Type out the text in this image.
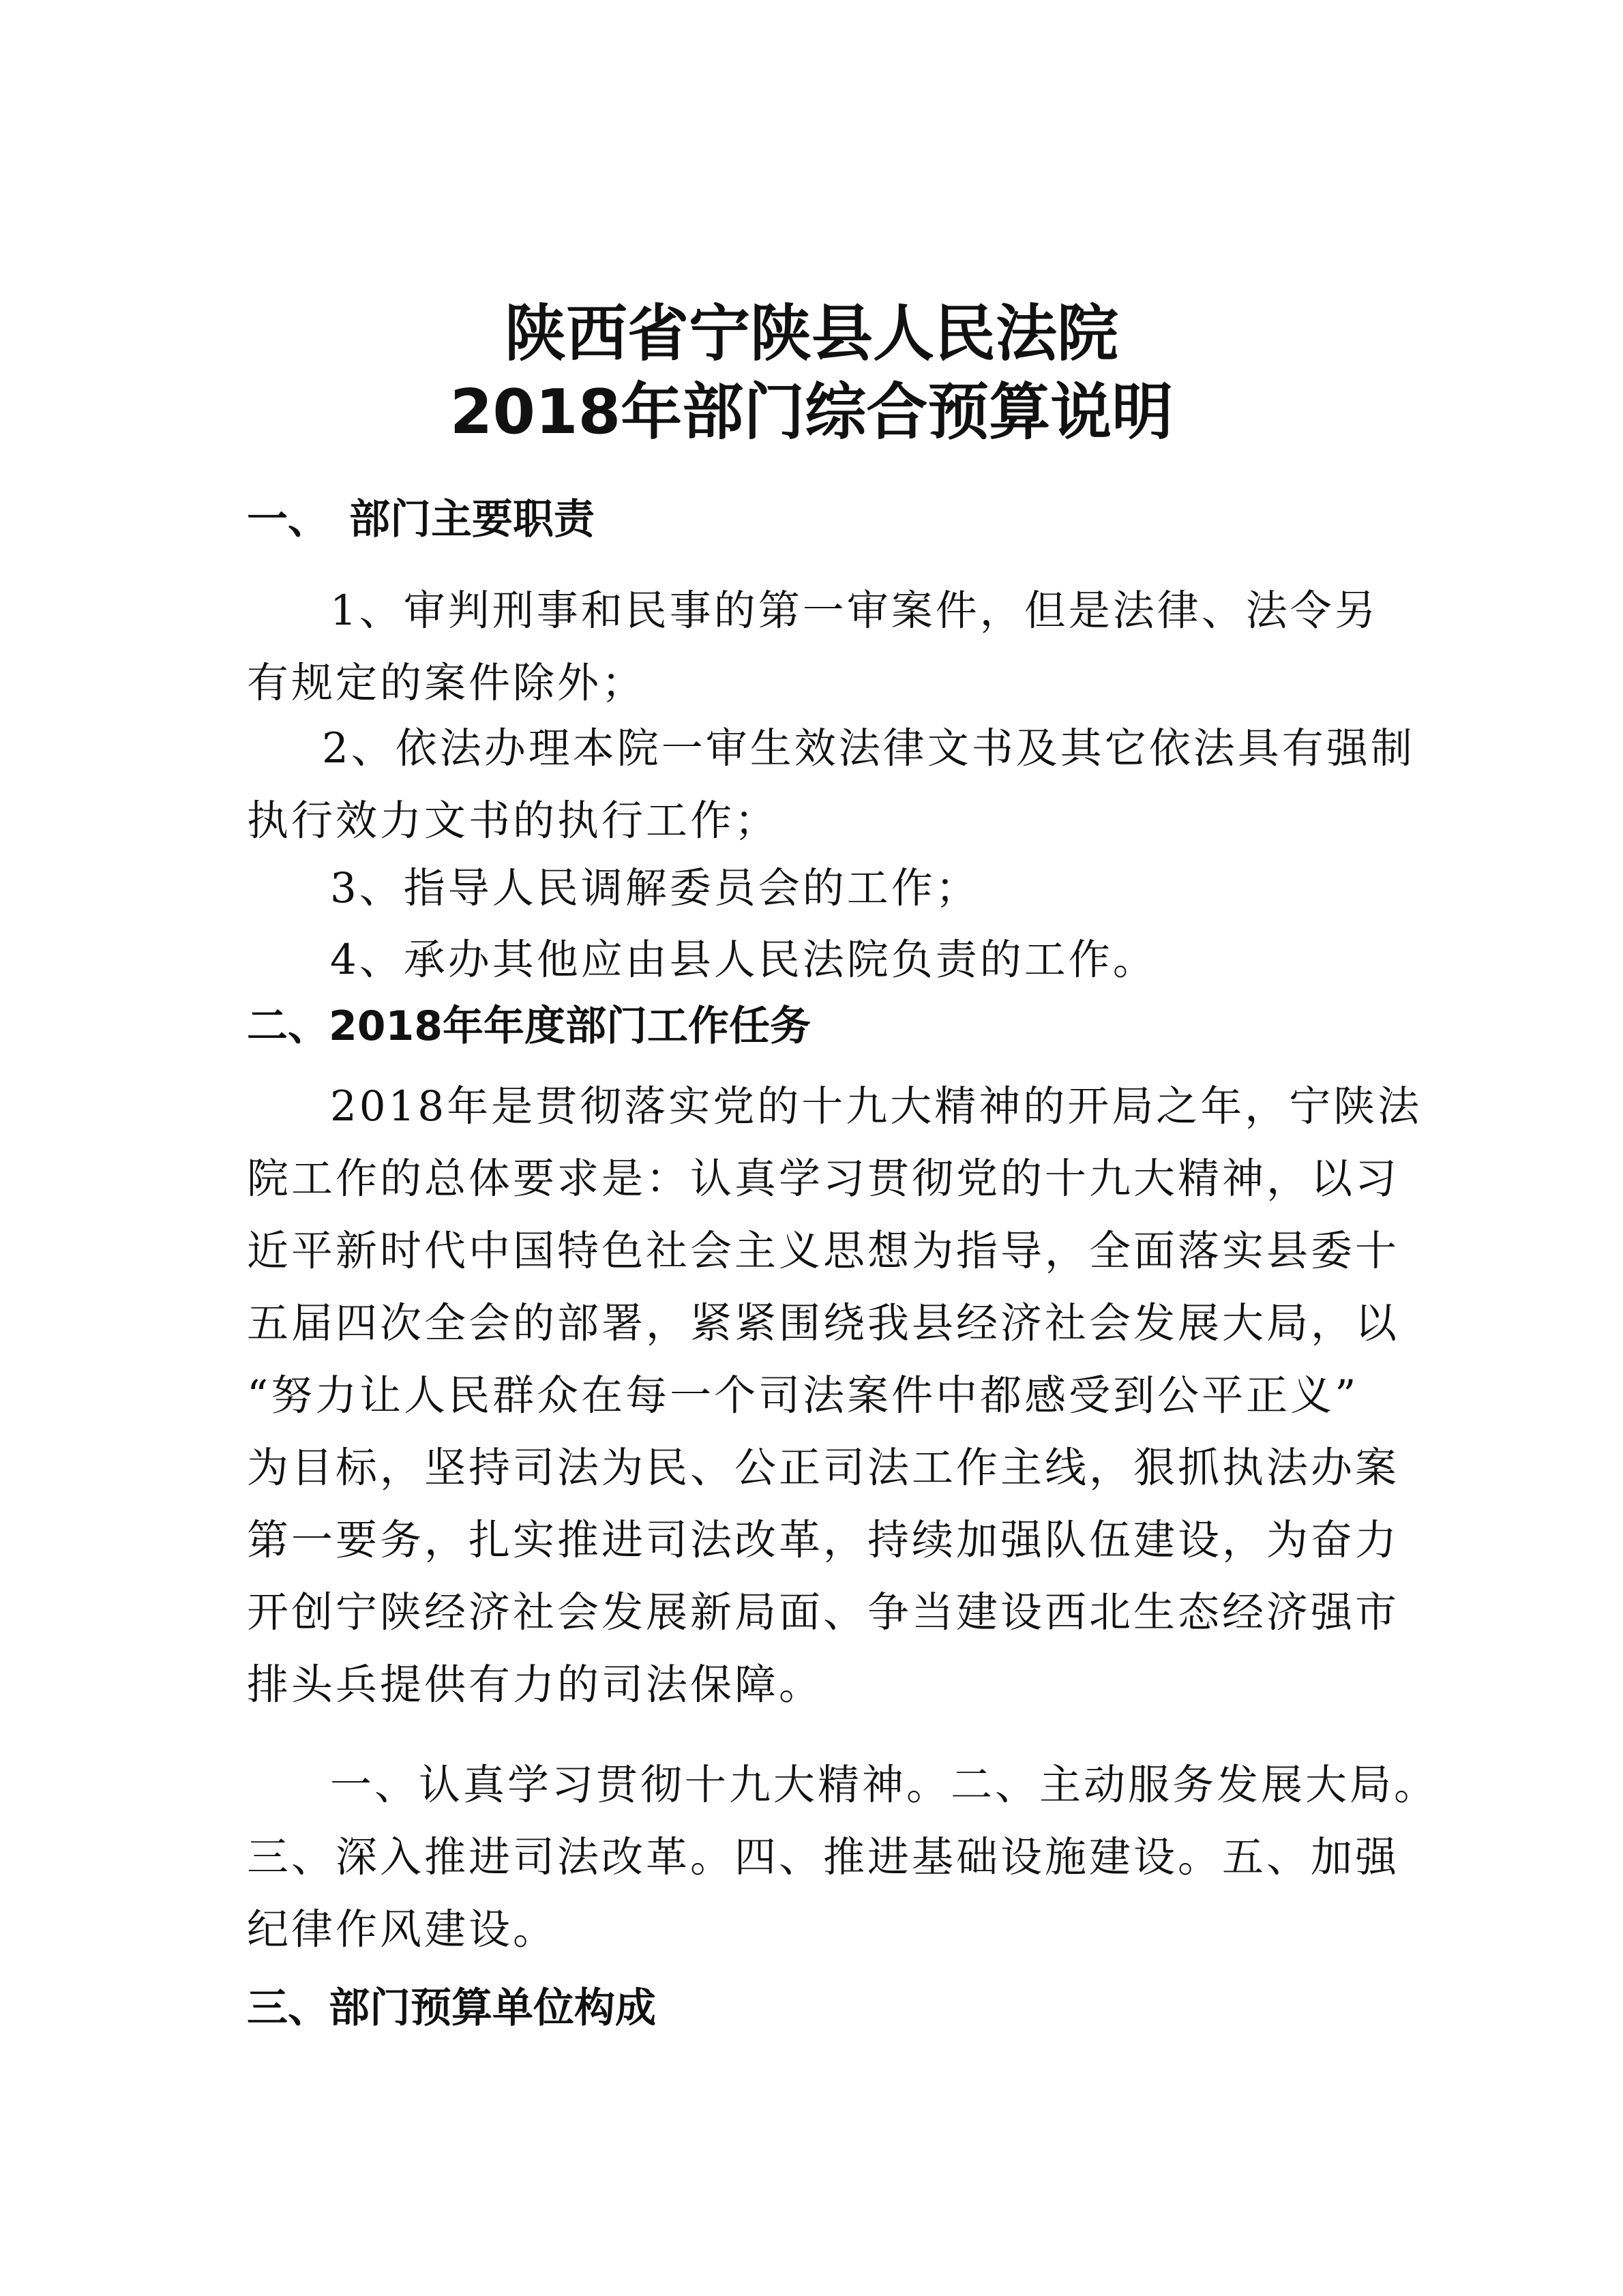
陕西省宁陕县人民法院
2018年部门综合预算说明
一、 部门主要职责

1、审判刑事和民事的第一审案件，但是法律、法令另
有规定的案件除外；

2、依法办理本院一审生效法律文书及其它依法具有强制
执行效力文书的执行工作；

3、指导人民调解委员会的工作；

4、承办其他应由县人民法院负责的工作。

二、2018年年度部门工作任务

2018年是贯彻落实党的十九大精神的开局之年，宁陕法
院工作的总体要求是：认真学习贯彻党的十九大精神，以习
近平新时代中国特色社会主义思想为指导，全面落实县委十
五届四次全会的部署，紧紧围绕我县经济社会发展大局，以
“努力让人民群众在每一个司法案件中都感受到公平正义”
为目标，坚持司法为民、公正司法工作主线，狠抓执法办案
第一要务，扎实推进司法改革，持续加强队伍建设，为奋力
开创宁陕经济社会发展新局面、争当建设西北生态经济强市
排头兵提供有力的司法保障。

一、认真学习贯彻十九大精神。二、主动服务发展大局。
三、深入推进司法改革。四、推进基础设施建设。五、加强
纪律作风建设。

三、部门预算单位构成
